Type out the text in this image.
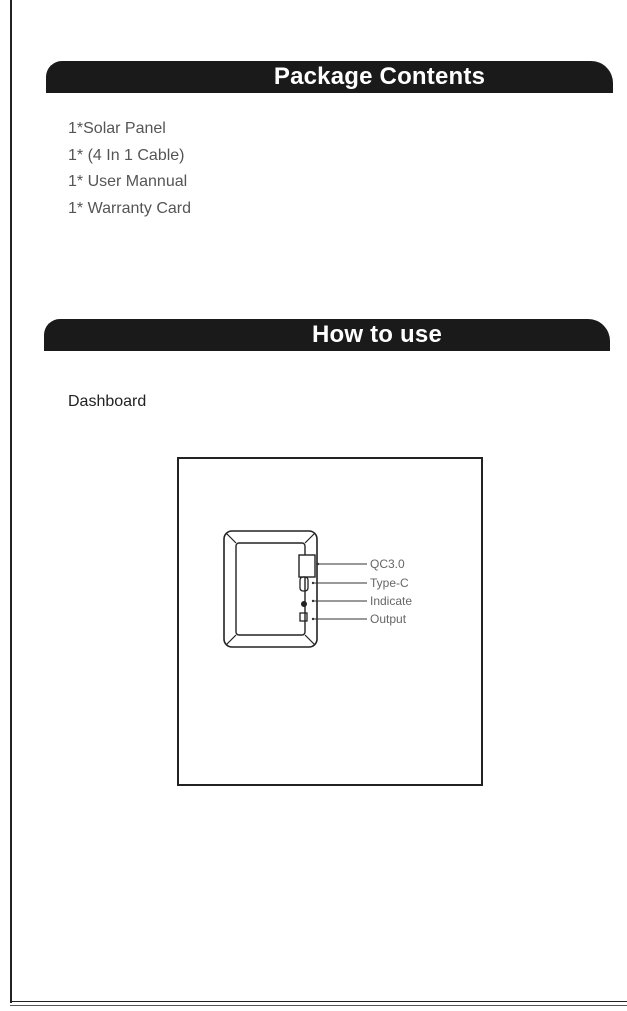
Package Contents
1*Solar Panel
1* (4 In 1 Cable)
1* User Mannual
1* Warranty Card
How to use
Dashboard
QC3.0
Type-C
Indicate
Output
